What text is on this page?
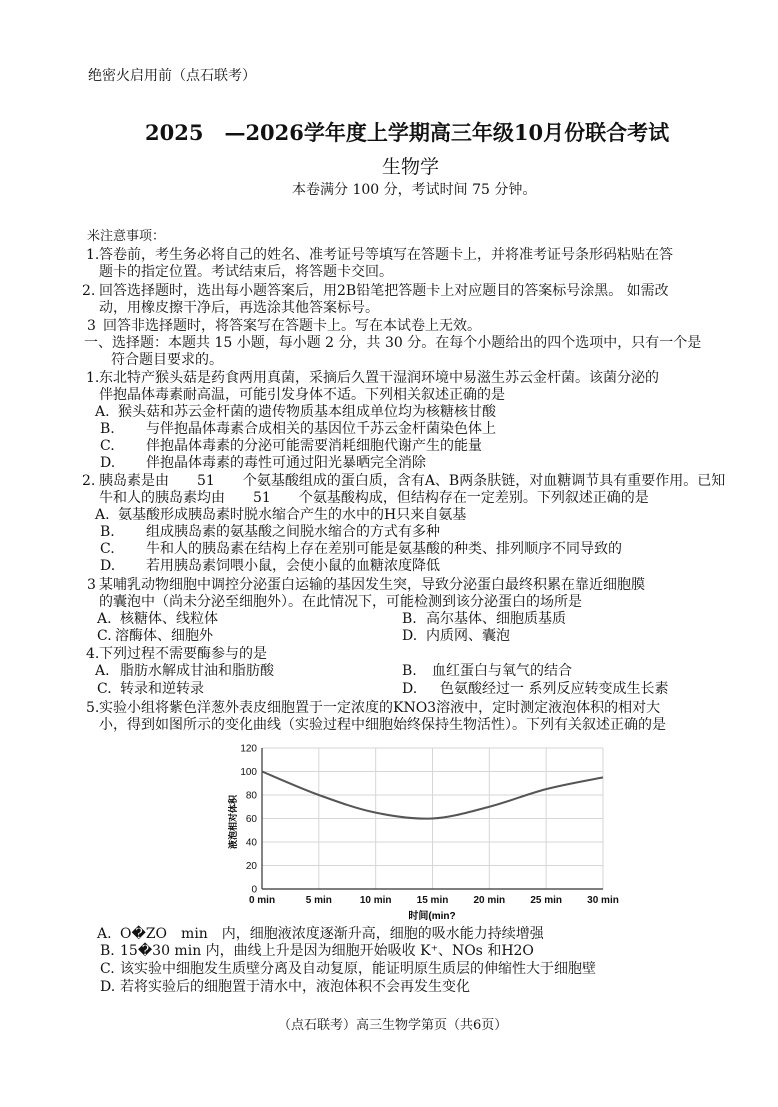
绝密火启用前（点石联考）
2025　—2026学年度上学期高三年级10月份联合考试
生物学
本卷满分 100 分，考试时间 75 分钟。
米注意事项：
1. 答卷前，考生务必将自己的姓名、准考证号等填写在答题卡上，并将准考证号条形码粘贴在答
题卡的指定位置。考试结束后，将答题卡交回。
2. 回答选择题时，选出每小题答案后，用2B铅笔把答题卡上对应题目的答案标号涂黑。 如需改
动，用橡皮擦干净后，再选涂其他答案标号。
3 回答非选择题时，将答案写在答题卡上。写在本试卷上无效。
一、选择题：本题共 15 小题，每小题 2 分，共 30 分。在每个小题给出的四个选项中，只有一个是
符合题目要求的。
1. 东北特产猴头菇是药食两用真菌，采摘后久置干湿润环境中易滋生苏云金杆菌。该菌分泌的
伴抱晶体毒素耐高温，可能引发身体不适。下列相关叙述正确的是
A. 猴头菇和苏云金杆菌的遗传物质基本组成单位均为核糖核甘酸
B. 与伴抱晶体毒素合成相关的基因位千苏云金杆菌染色体上
C. 伴抱晶体毒素的分泌可能需要消耗细胞代谢产生的能量
D. 伴抱晶体毒素的毒性可通过阳光暴晒完全消除
2. 胰岛素是由　　51　　个氨基酸组成的蛋白质，含有A、B两条肤链，对血糖调节具有重要作用。已知
牛和人的胰岛素均由　　51　　个氨基酸构成，但结构存在一定差别。下列叙述正确的是
A. 氨基酸形成胰岛素时脱水缩合产生的水中的H只来自氨基
B. 组成胰岛素的氨基酸之间脱水缩合的方式有多种
C. 牛和人的胰岛素在结构上存在差别可能是氨基酸的种类、排列顺序不同导致的
D. 若用胰岛素饲喂小鼠，会使小鼠的血糖浓度降低
3 某哺乳动物细胞中调控分泌蛋白运输的基因发生突，导致分泌蛋白最终积累在靠近细胞膜
的囊泡中（尚未分泌至细胞外）。在此情况下，可能检测到该分泌蛋白的场所是
A. 核糖体、线粒体	B. 高尔基体、细胞质基质
C. 溶酶体、细胞外	D. 内质网、囊泡
4. 下列过程不需要酶参与的是
A. 脂肪水解成甘油和脂肪酸	B. 血红蛋白与氧气的结合
C. 转录和逆转录	D. 色氨酸经过一 系列反应转变成生长素
5. 实验小组将紫色洋葱外表皮细胞置于一定浓度的KNO3溶液中，定时测定液泡体积的相对大
小，得到如图所示的变化曲线（实验过程中细胞始终保持生物活性）。下列有关叙述正确的是
0
20
40
60
80
100
120
0 min	5 min	10 min	15 min	20 min	25 min	30 min
液泡相对体积
时间(min?
A. O�ZO　min　内，细胞液浓度逐渐升高，细胞的吸水能力持续增强
B. 15�30 min 内，曲线上升是因为细胞开始吸收 K⁺、NOs 和H2O
C. 该实验中细胞发生质壁分离及自动复原，能证明原生质层的伸缩性大于细胞壁
D. 若将实验后的细胞置于清水中，液泡体积不会再发生变化
（点石联考）高三生物学第页（共6页）
